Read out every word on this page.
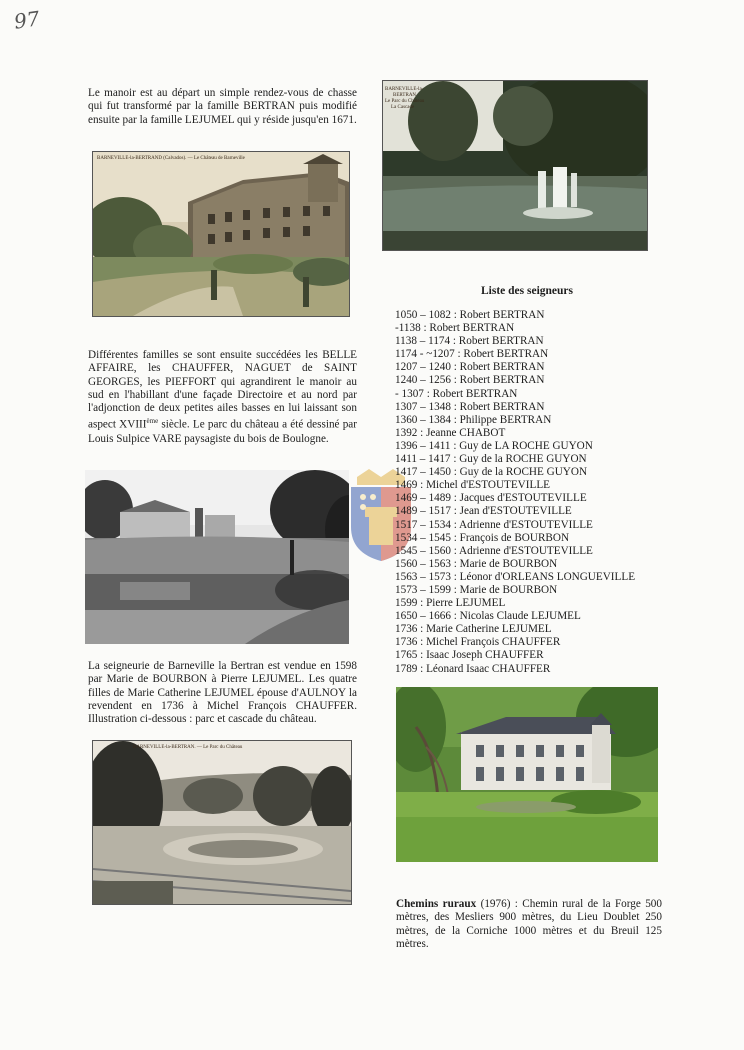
97

Le manoir est au départ un simple rendez-vous de chasse qui fut transformé par la famille BERTRAN puis modifié ensuite par la famille LEJUMEL qui y réside jusqu'en 1671.

BARNEVILLE-la-BERTRAND (Calvados). — Le Château de Barneville

Différentes familles se sont ensuite succédées les BELLE AFFAIRE, les CHAUFFER, NAGUET de SAINT GEORGES, les PIEFFORT qui agrandirent le manoir au sud en l'habillant d'une façade Directoire et au nord par l'adjonction de deux petites ailes basses en lui laissant son aspect XVIIIème siècle. Le parc du château a été dessiné par Louis Sulpice VARE paysagiste du bois de Boulogne.

La seigneurie de Barneville la Bertran est vendue en 1598 par Marie de BOURBON à Pierre LEJUMEL. Les quatre filles de Marie Catherine LEJUMEL épouse d'AULNOY la revendent en 1736 à Michel François CHAUFFER. Illustration ci-dessous : parc et cascade du château.

BARNEVILLE-la-BERTRAN. — Le Parc du Château
BARNEVILLE-la-
BERTRAN
Le Parc du Château
La Cascade
Liste des seigneurs
1050 – 1082 : Robert BERTRAN
-1138 : Robert BERTRAN
1138 – 1174 : Robert BERTRAN
1174 - ~1207 : Robert BERTRAN
1207 – 1240 : Robert BERTRAN
1240 – 1256 : Robert BERTRAN
- 1307 : Robert BERTRAN
1307 – 1348 : Robert BERTRAN
1360 – 1384 : Philippe BERTRAN
1392 : Jeanne CHABOT
1396 – 1411 : Guy de LA ROCHE GUYON
1411 – 1417 : Guy de la ROCHE GUYON
1417 – 1450 : Guy de la ROCHE GUYON
1469 : Michel d'ESTOUTEVILLE
1469 – 1489 : Jacques d'ESTOUTEVILLE
1489 – 1517 : Jean d'ESTOUTEVILLE
1517 – 1534 : Adrienne d'ESTOUTEVILLE
1534 – 1545 : François de BOURBON
1545 – 1560 : Adrienne d'ESTOUTEVILLE
1560 – 1563 : Marie de BOURBON
1563 – 1573 : Léonor d'ORLEANS LONGUEVILLE
1573 – 1599 : Marie de BOURBON
1599 : Pierre LEJUMEL
1650 – 1666 : Nicolas Claude LEJUMEL
1736 : Marie Catherine LEJUMEL
1736 : Michel François CHAUFFER
1765 : Isaac Joseph CHAUFFER
1789 : Léonard Isaac CHAUFFER

Chemins ruraux (1976) : Chemin rural de la Forge 500 mètres, des Mesliers 900 mètres, du Lieu Doublet 250 mètres, de la Corniche 1000 mètres et du Breuil 125 mètres.
